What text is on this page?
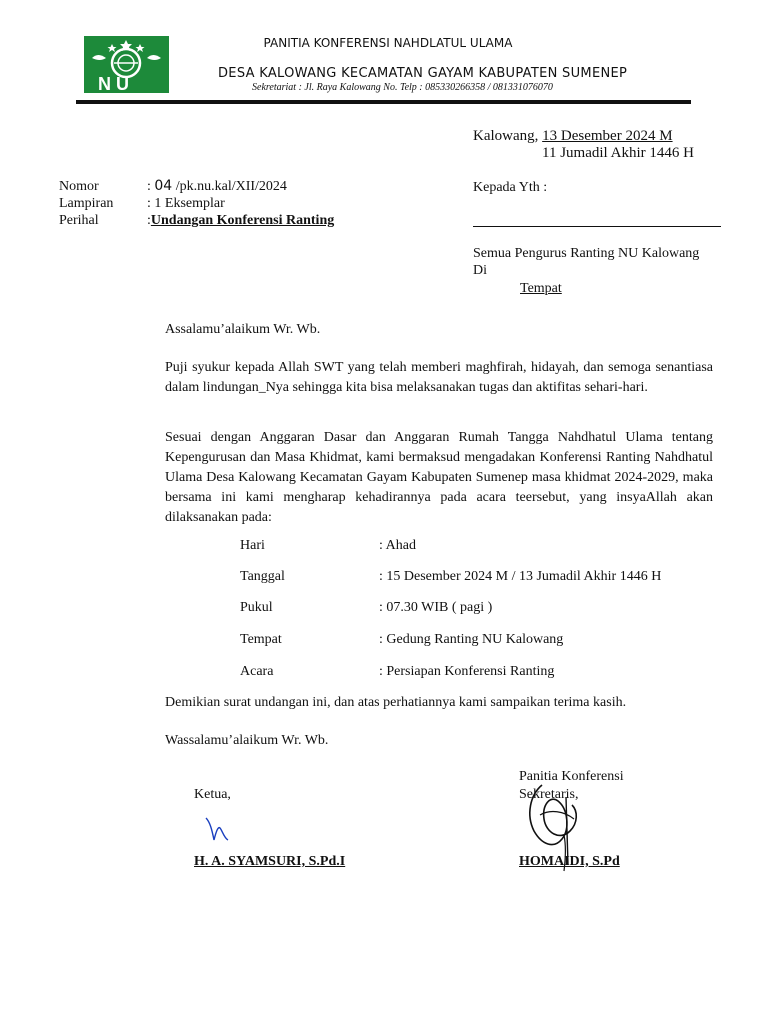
N U
PANITIA KONFERENSI NAHDLATUL ULAMA
DESA KALOWANG KECAMATAN GAYAM KABUPATEN SUMENEP
Sekretariat : Jl. Raya Kalowang No. Telp : 085330266358 / 081331076070
Kalowang, 13 Desember 2024 M
11 Jumadil Akhir 1446 H
Nomor	: 04 /pk.nu.kal/XII/2024
Lampiran : 1 Eksemplar
Perihal	:Undangan Konferensi Ranting
Kepada Yth :
Semua Pengurus Ranting NU Kalowang
Di
Tempat
Assalamu’alaikum Wr. Wb.
Puji syukur kepada Allah SWT yang telah memberi maghfirah, hidayah, dan semoga senantiasa dalam lindungan_Nya sehingga kita bisa melaksanakan tugas dan aktifitas sehari-hari.
Sesuai dengan Anggaran Dasar dan Anggaran Rumah Tangga Nahdhatul Ulama tentang Kepengurusan dan Masa Khidmat, kami bermaksud mengadakan Konferensi Ranting Nahdhatul Ulama Desa Kalowang Kecamatan Gayam Kabupaten Sumenep masa khidmat 2024-2029, maka bersama ini kami mengharap kehadirannya pada acara teersebut, yang insyaAllah akan dilaksanakan pada:
Hari	: Ahad
Tanggal	: 15 Desember 2024 M / 13 Jumadil Akhir 1446 H
Pukul	: 07.30 WIB ( pagi )
Tempat	: Gedung Ranting NU Kalowang
Acara	: Persiapan Konferensi Ranting
Demikian surat undangan ini, dan atas perhatiannya kami sampaikan terima kasih.
Wassalamu’alaikum Wr. Wb.
Panitia Konferensi
Ketua,	Sekretaris,
H. A. SYAMSURI, S.Pd.I	HOMAIDI, S.Pd
